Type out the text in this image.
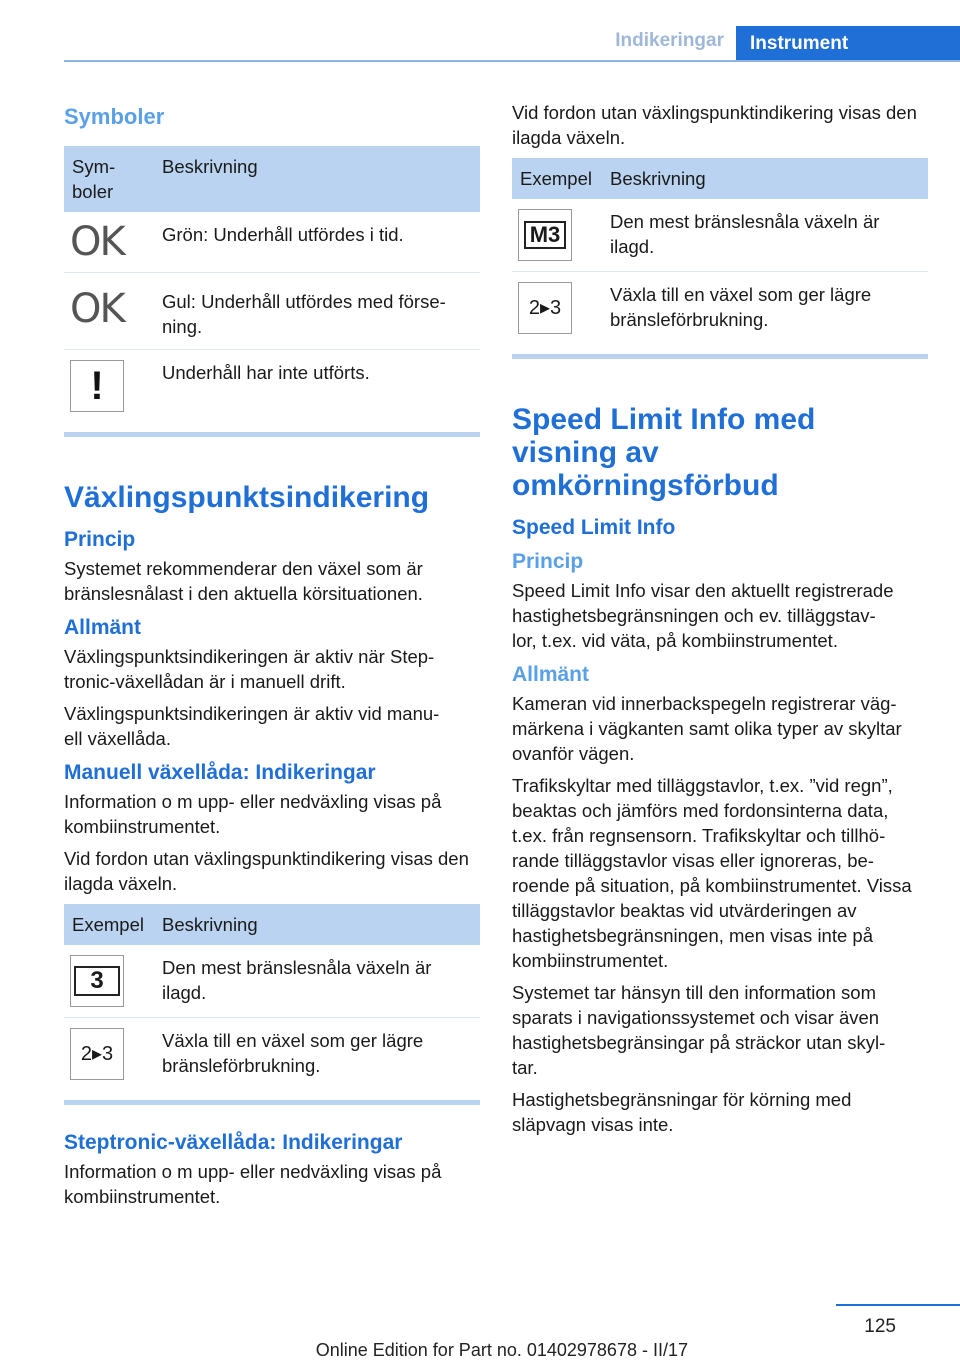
Indikeringar	Instrument
Symboler
Sym-
boler	Beskrivning

OK	Grön: Underhåll utfördes i tid.

OK	Gul: Underhåll utfördes med förse-
ning.

!	Underhåll har inte utförts.
Växlingspunktsindikering
Princip
Systemet rekommenderar den växel som är bränslesnålast i den aktuella körsituationen.
Allmänt
Växlingspunktsindikeringen är aktiv när Step-
tronic-växellådan är i manuell drift.
Växlingspunktsindikeringen är aktiv vid manu-
ell växellåda.
Manuell växellåda: Indikeringar
Information o m upp- eller nedväxling visas på kombiinstrumentet.
Vid fordon utan växlingspunktindikering visas den ilagda växeln.
Exempel	Beskrivning

3	Den mest bränslesnåla växeln är ilagd.

2▸3	Växla till en växel som ger lägre bränsleförbrukning.
Steptronic-växellåda: Indikeringar
Information o m upp- eller nedväxling visas på kombiinstrumentet.
Vid fordon utan växlingspunktindikering visas den ilagda växeln.
Exempel	Beskrivning

M3	Den mest bränslesnåla växeln är ilagd.

2▸3	Växla till en växel som ger lägre bränsleförbrukning.
Speed Limit Info med visning av omkörningsförbud
Speed Limit Info
Princip
Speed Limit Info visar den aktuellt registrerade hastighetsbegränsningen och ev. tilläggstav-
lor, t.ex. vid väta, på kombiinstrumentet.
Allmänt
Kameran vid innerbackspegeln registrerar väg-
märkena i vägkanten samt olika typer av skyltar ovanför vägen.
Trafikskyltar med tilläggstavlor, t.ex. ”vid regn”, beaktas och jämförs med fordonsinterna data, t.ex. från regnsensorn. Trafikskyltar och tillhö-
rande tilläggstavlor visas eller ignoreras, be-
roende på situation, på kombiinstrumentet. Vissa tilläggstavlor beaktas vid utvärderingen av hastighetsbegränsningen, men visas inte på kombiinstrumentet.
Systemet tar hänsyn till den information som sparats i navigationssystemet och visar även hastighetsbegränsingar på sträckor utan skyl-
tar.
Hastighetsbegränsningar för körning med släpvagn visas inte.
125
Online Edition for Part no. 01402978678 - II/17
